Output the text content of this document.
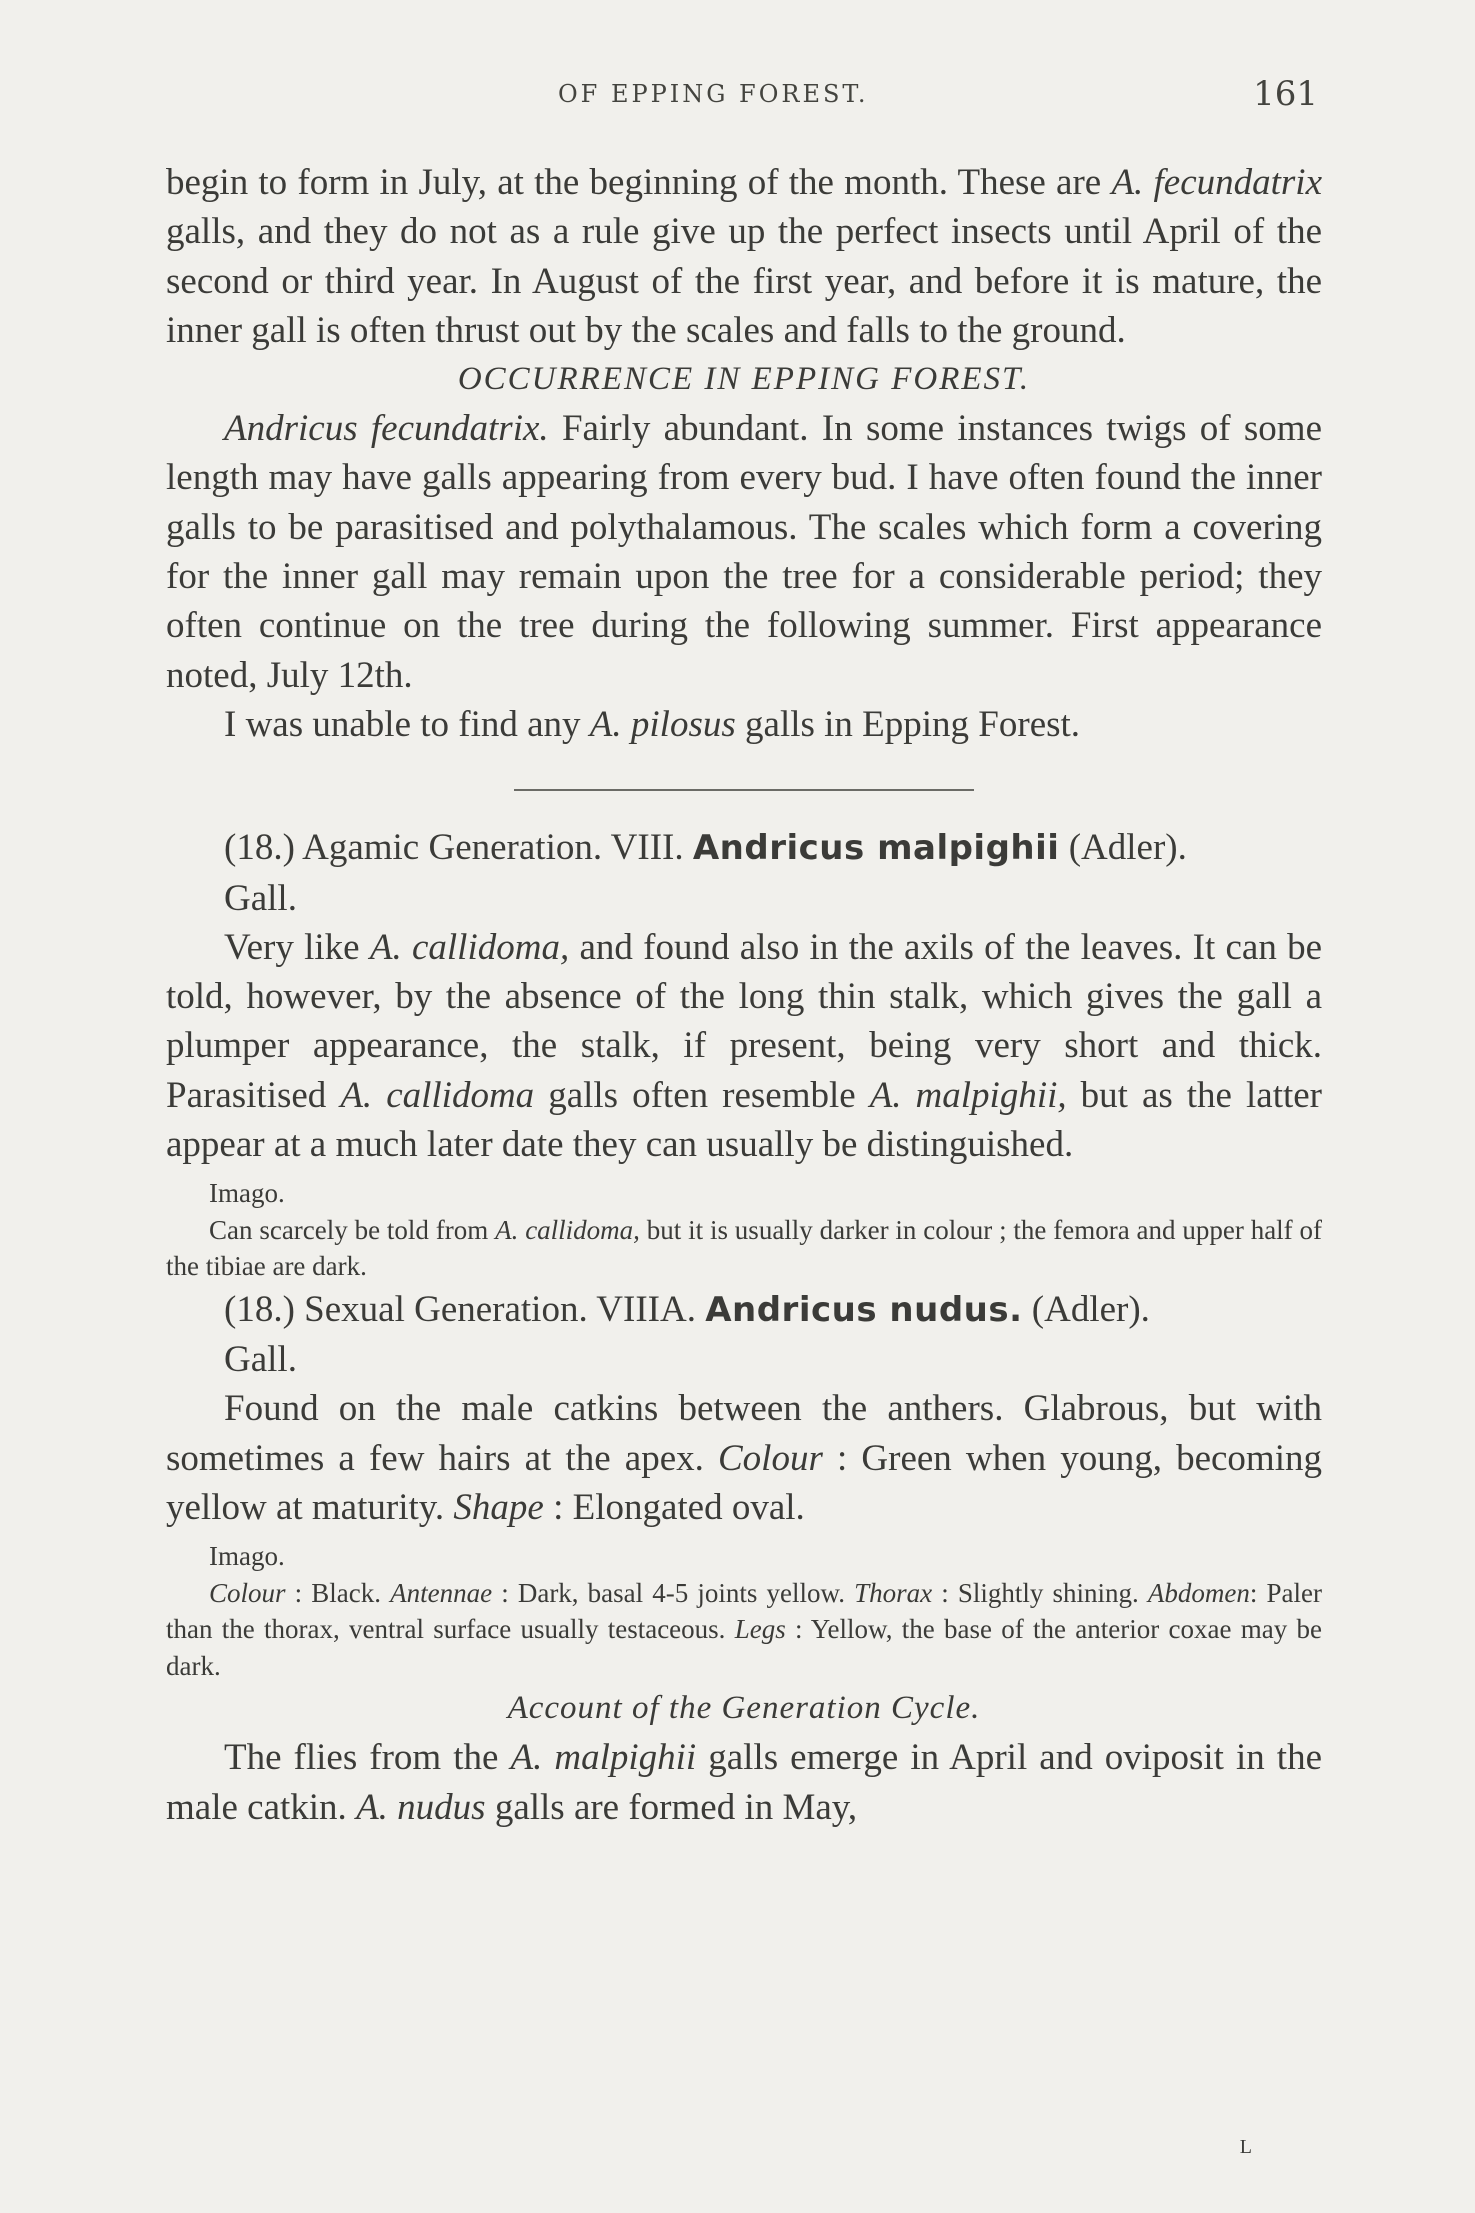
OF EPPING FOREST.	161

begin to form in July, at the beginning of the month. These are A. fecundatrix galls, and they do not as a rule give up the perfect insects until April of the second or third year. In August of the first year, and before it is mature, the inner gall is often thrust out by the scales and falls to the ground.

OCCURRENCE IN EPPING FOREST.

Andricus fecundatrix. Fairly abundant. In some instances twigs of some length may have galls appearing from every bud. I have often found the inner galls to be parasitised and polythalamous. The scales which form a covering for the inner gall may remain upon the tree for a considerable period; they often continue on the tree during the following summer. First appearance noted, July 12th.

I was unable to find any A. pilosus galls in Epping Forest.

(18.) Agamic Generation. VIII. Andricus malpighii (Adler).

Gall.

Very like A. callidoma, and found also in the axils of the leaves. It can be told, however, by the absence of the long thin stalk, which gives the gall a plumper appearance, the stalk, if present, being very short and thick. Parasitised A. callidoma galls often resemble A. malpighii, but as the latter appear at a much later date they can usually be distinguished.

Imago.

Can scarcely be told from A. callidoma, but it is usually darker in colour ; the femora and upper half of the tibiae are dark.

(18.) Sexual Generation. VIIIA. Andricus nudus. (Adler).

Gall.

Found on the male catkins between the anthers. Glabrous, but with sometimes a few hairs at the apex. Colour : Green when young, becoming yellow at maturity. Shape : Elongated oval.

Imago.

Colour : Black. Antennae : Dark, basal 4-5 joints yellow. Thorax : Slightly shining. Abdomen: Paler than the thorax, ventral surface usually testaceous. Legs : Yellow, the base of the anterior coxae may be dark.

Account of the Generation Cycle.

The flies from the A. malpighii galls emerge in April and oviposit in the male catkin. A. nudus galls are formed in May,

L
